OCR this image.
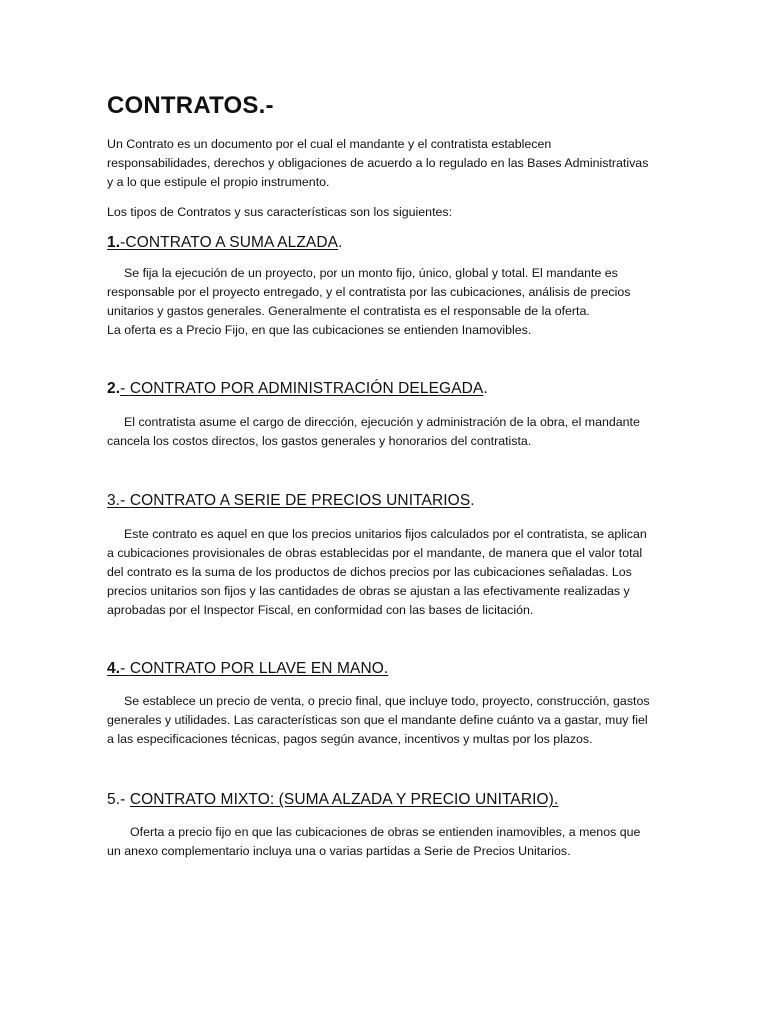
CONTRATOS.-

Un Contrato es un documento por el cual el mandante y el contratista establecen
responsabilidades, derechos y obligaciones de acuerdo a lo regulado en las Bases Administrativas
y a lo que estipule el propio instrumento.

Los tipos de Contratos y sus características son los siguientes:

1.-CONTRATO A SUMA ALZADA.

Se fija la ejecución de un proyecto, por un monto fijo, único, global y total. El mandante es
responsable por el proyecto entregado, y el contratista por las cubicaciones, análisis de precios
unitarios y gastos generales. Generalmente el contratista es el responsable de la oferta.
La oferta es a Precio Fijo, en que las cubicaciones se entienden Inamovibles.

2.- CONTRATO POR ADMINISTRACIÓN DELEGADA.

El contratista asume el cargo de dirección, ejecución y administración de la obra, el mandante
cancela los costos directos, los gastos generales y honorarios del contratista.

3.- CONTRATO A SERIE DE PRECIOS UNITARIOS.

Este contrato es aquel en que los precios unitarios fijos calculados por el contratista, se aplican
a cubicaciones provisionales de obras establecidas por el mandante, de manera que el valor total
del contrato es la suma de los productos de dichos precios por las cubicaciones señaladas. Los
precios unitarios son fijos y las cantidades de obras se ajustan a las efectivamente realizadas y
aprobadas por el Inspector Fiscal, en conformidad con las bases de licitación.

4.- CONTRATO POR LLAVE EN MANO.

Se establece un precio de venta, o precio final, que incluye todo, proyecto, construcción, gastos
generales y utilidades. Las características son que el mandante define cuánto va a gastar, muy fiel
a las especificaciones técnicas, pagos según avance, incentivos y multas por los plazos.

5.- CONTRATO MIXTO: (SUMA ALZADA Y PRECIO UNITARIO).

Oferta a precio fijo en que las cubicaciones de obras se entienden inamovibles, a menos que
un anexo complementario incluya una o varias partidas a Serie de Precios Unitarios.
